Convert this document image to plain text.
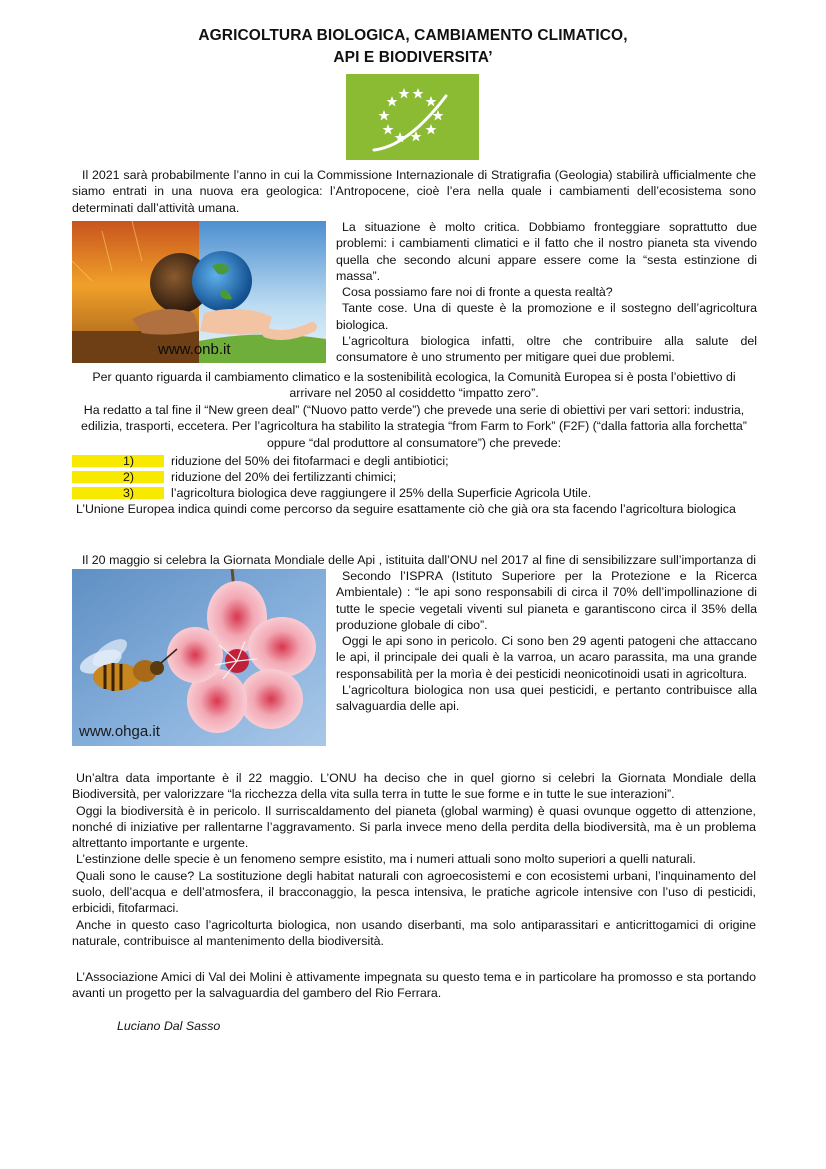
AGRICOLTURA BIOLOGICA, CAMBIAMENTO CLIMATICO,
API E BIODIVERSITA’

Il 2021 sarà probabilmente l’anno in cui la Commissione Internazionale di Stratigrafia (Geologia) stabilirà ufficialmente che siamo entrati in una nuova era geologica: l’Antropocene, cioè l’era nella quale i cambiamenti dell’ecosistema sono determinati dall’attività umana.

www.onb.it
La situazione è molto critica. Dobbiamo fronteggiare soprattutto due problemi: i cambiamenti climatici e il fatto che il nostro pianeta sta vivendo quella che secondo alcuni appare essere come la “sesta estinzione di massa”.
Cosa possiamo fare noi di fronte a questa realtà?
Tante cose. Una di queste è la promozione e il sostegno dell’agricoltura biologica.
L’agricoltura biologica infatti, oltre che contribuire alla salute del consumatore è uno strumento per mitigare quei due problemi.

Per quanto riguarda il cambiamento climatico e la sostenibilità ecologica, la Comunità Europea si è posta l’obiettivo di arrivare nel 2050 al cosiddetto “impatto zero”.

Ha redatto a tal fine il “New green deal” (“Nuovo patto verde”) che prevede una serie di obiettivi per vari settori: industria, edilizia, trasporti, eccetera. Per l’agricoltura ha stabilito la strategia “from Farm to Fork” (F2F) (“dalla fattoria alla forchetta” oppure “dal produttore al consumatore”) che prevede:

1)	riduzione del 50% dei fitofarmaci e degli antibiotici;
2)	riduzione del 20% dei fertilizzanti chimici;
3)	l’agricoltura biologica deve raggiungere il 25% della Superficie Agricola Utile.

L’Unione Europea indica quindi come percorso da seguire esattamente ciò che già ora sta facendo l’agricoltura biologica

Il 20 maggio si celebra la Giornata Mondiale delle Api , istituita dall’ONU nel 2017 al fine di sensibilizzare sull’importanza di

www.ohga.it
Secondo l’ISPRA (Istituto Superiore per la Protezione e la Ricerca Ambientale) : “le api sono responsabili di circa il 70% dell’impollinazione di tutte le specie vegetali viventi sul pianeta e garantiscono circa il 35% della produzione globale di cibo”.
Oggi le api sono in pericolo. Ci sono ben 29 agenti patogeni che attaccano le api, il principale dei quali è la varroa, un acaro parassita, ma una grande responsabilità per la morìa è dei pesticidi neonicotinoidi usati in agricoltura.
L’agricoltura biologica non usa quei pesticidi, e pertanto contribuisce alla salvaguardia delle api.
Un’altra data importante è il 22 maggio. L’ONU ha deciso che in quel giorno si celebri la Giornata Mondiale della Biodiversità, per valorizzare “la ricchezza della vita sulla terra in tutte le sue forme e in tutte le sue interazioni”.
Oggi la biodiversità è in pericolo. Il surriscaldamento del pianeta (global warming) è quasi ovunque oggetto di attenzione, nonché di iniziative per rallentarne l’aggravamento. Si parla invece meno della perdita della biodiversità, ma è un problema altrettanto importante e urgente.
L’estinzione delle specie è un fenomeno sempre esistito, ma i numeri attuali sono molto superiori a quelli naturali.
Quali sono le cause? La sostituzione degli habitat naturali con agroecosistemi e con ecosistemi urbani, l’inquinamento del suolo, dell’acqua e dell’atmosfera, il bracconaggio, la pesca intensiva, le pratiche agricole intensive con l’uso di pesticidi, erbicidi, fitofarmaci.
Anche in questo caso l’agricolturta biologica, non usando diserbanti, ma solo antiparassitari e anticrittogamici di origine naturale, contribuisce al mantenimento della biodiversità.

L’Associazione Amici di Val dei Molini è attivamente impegnata su questo tema e in particolare ha promosso e sta portando avanti un progetto per la salvaguardia del gambero del Rio Ferrara.

Luciano Dal Sasso
